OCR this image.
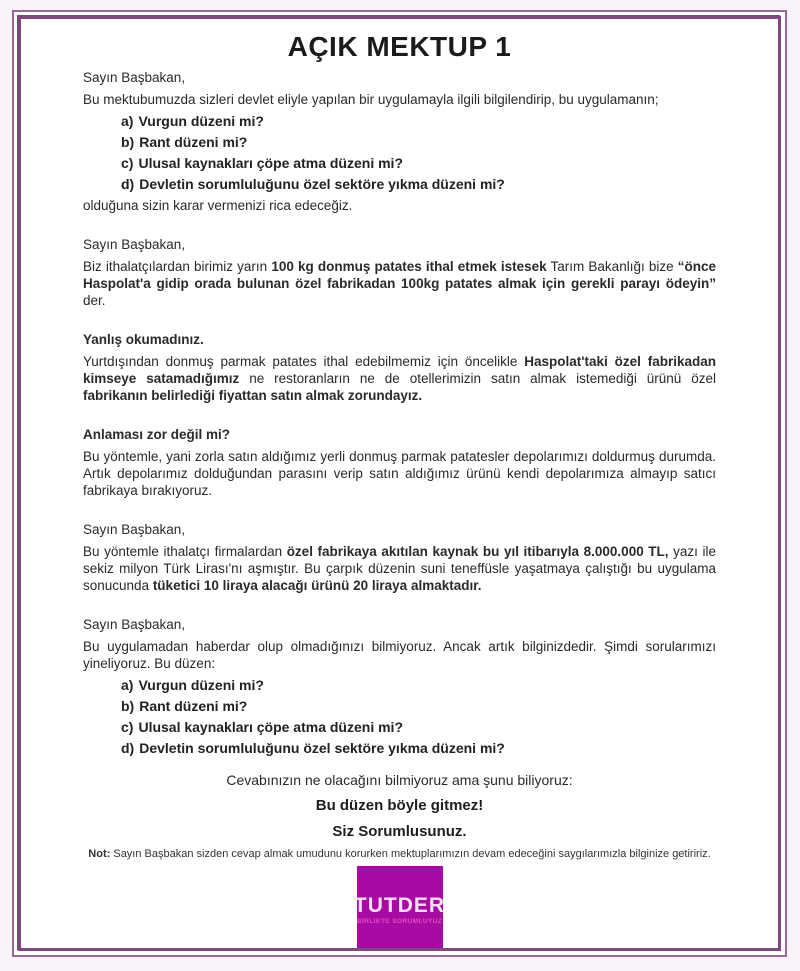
AÇIK MEKTUP 1

Sayın Başbakan,

Bu mektubumuzda sizleri devlet eliyle yapılan bir uygulamayla ilgili bilgilendirip, bu uygulamanın;

a) Vurgun düzeni mi?
b) Rant düzeni mi?
c) Ulusal kaynakları çöpe atma düzeni mi?
d) Devletin sorumluluğunu özel sektöre yıkma düzeni mi?

olduğuna sizin karar vermenizi rica edeceğiz.

Sayın Başbakan,

Biz ithalatçılardan birimiz yarın 100 kg donmuş patates ithal etmek istesek Tarım Bakanlığı bize “önce Haspolat'a gidip orada bulunan özel fabrikadan 100kg patates almak için gerekli parayı ödeyin” der.

Yanlış okumadınız.

Yurtdışından donmuş parmak patates ithal edebilmemiz için öncelikle Haspolat'taki özel fabrikadan kimseye satamadığımız ne restoranların ne de otellerimizin satın almak istemediği ürünü özel fabrikanın belirlediği fiyattan satın almak zorundayız.

Anlaması zor değil mi?

Bu yöntemle, yani zorla satın aldığımız yerli donmuş parmak patatesler depolarımızı doldurmuş durumda. Artık depolarımız dolduğundan parasını verip satın aldığımız ürünü kendi depolarımıza almayıp satıcı fabrikaya bırakıyoruz.

Sayın Başbakan,

Bu yöntemle ithalatçı firmalardan özel fabrikaya akıtılan kaynak bu yıl itibarıyla 8.000.000 TL, yazı ile sekiz milyon Türk Lirası'nı aşmıştır. Bu çarpık düzenin suni teneffüsle yaşatmaya çalıştığı bu uygulama sonucunda tüketici 10 liraya alacağı ürünü 20 liraya almaktadır.

Sayın Başbakan,

Bu uygulamadan haberdar olup olmadığınızı bilmiyoruz. Ancak artık bilginizdedir. Şimdi sorularımızı yineliyoruz. Bu düzen:

a) Vurgun düzeni mi?
b) Rant düzeni mi?
c) Ulusal kaynakları çöpe atma düzeni mi?
d) Devletin sorumluluğunu özel sektöre yıkma düzeni mi?
Cevabınızın ne olacağını bilmiyoruz ama şunu biliyoruz:
Bu düzen böyle gitmez!
Siz Sorumlusunuz.
Not: Sayın Başbakan sizden cevap almak umudunu korurken mektuplarımızın devam edeceğini saygılarımızla bilginize getiririz.
TUTDER
BİRLİKTE SORUMLUYUZ
